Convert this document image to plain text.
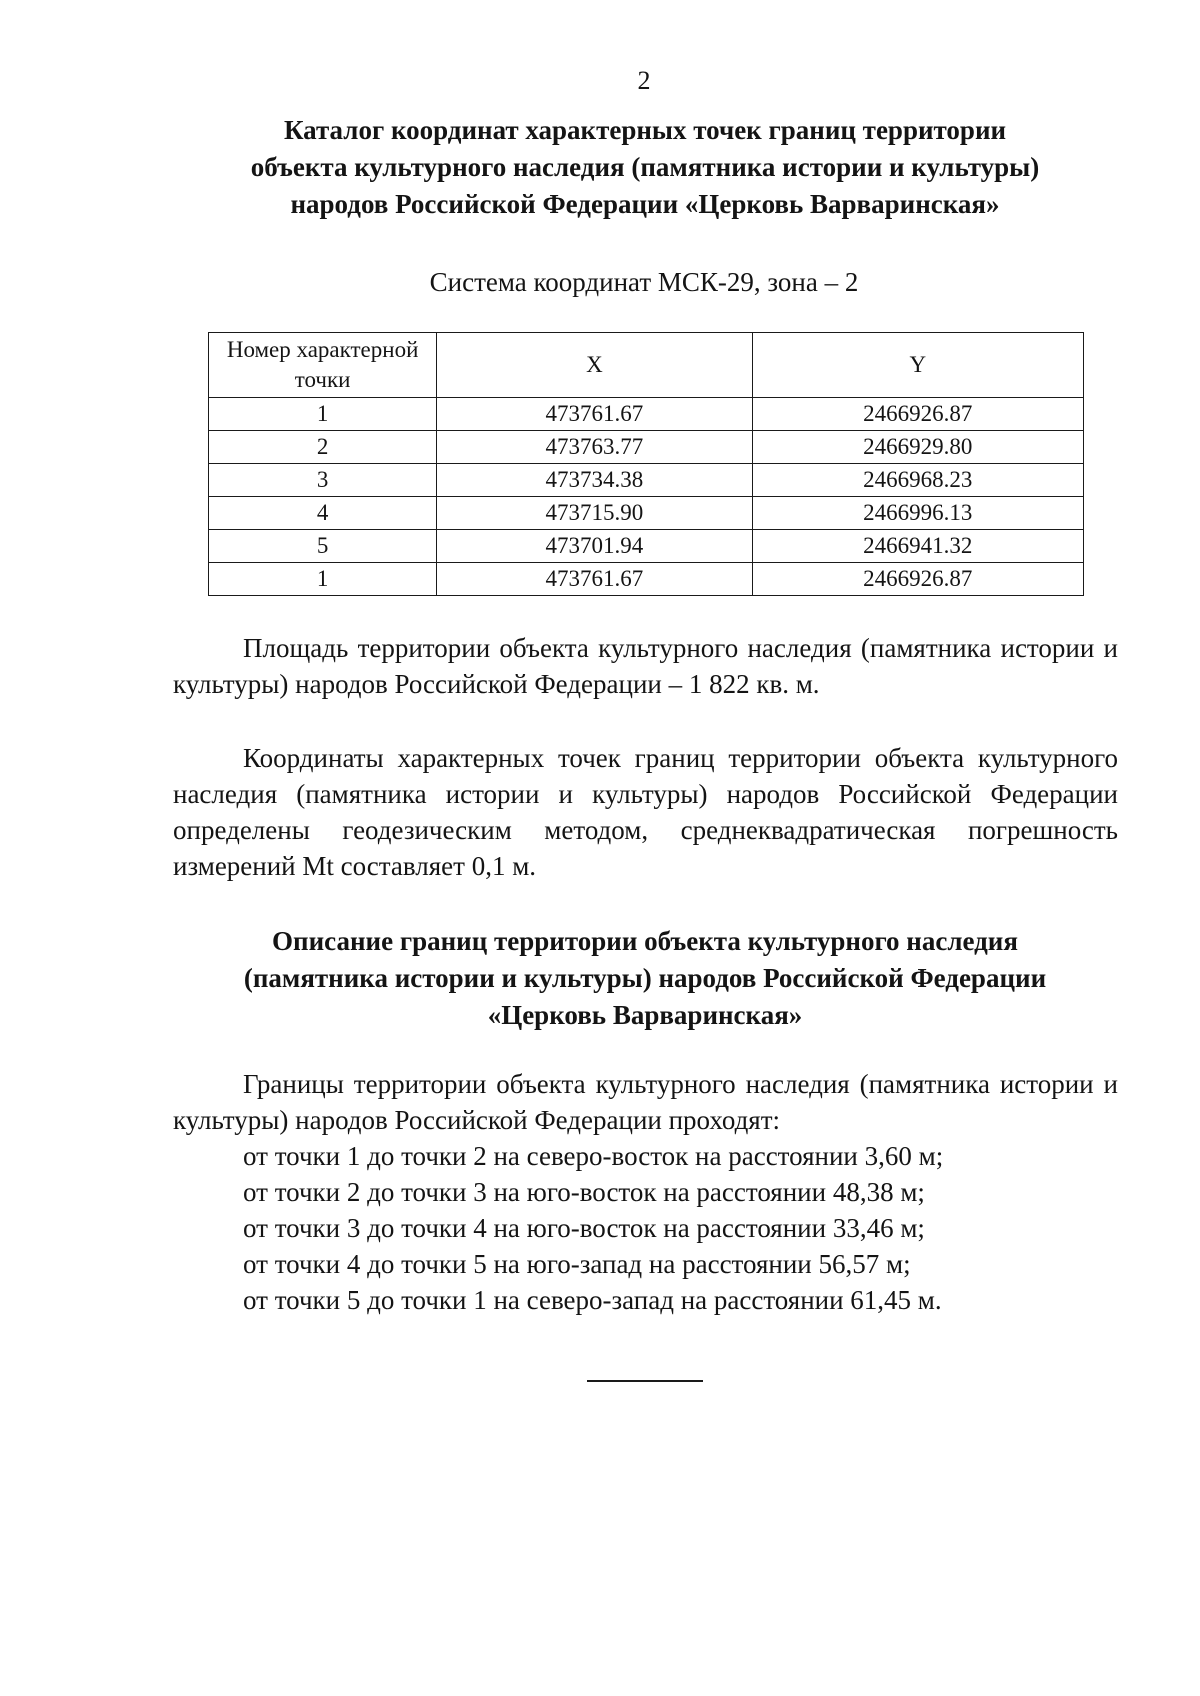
2
Каталог координат характерных точек границ территории
объекта культурного наследия (памятника истории и культуры)
народов Российской Федерации «Церковь Варваринская»
Система координат МСК-29, зона – 2
Номер характерной точки	X	Y
1	473761.67	2466926.87
2	473763.77	2466929.80
3	473734.38	2466968.23
4	473715.90	2466996.13
5	473701.94	2466941.32
1	473761.67	2466926.87

Площадь территории объекта культурного наследия (памятника истории и культуры) народов Российской Федерации – 1 822 кв. м.

Координаты характерных точек границ территории объекта культурного наследия (памятника истории и культуры) народов Российской Федерации определены геодезическим методом, среднеквадратическая погрешность измерений Mt составляет 0,1 м.

Описание границ территории объекта культурного наследия
(памятника истории и культуры) народов Российской Федерации
«Церковь Варваринская»

Границы территории объекта культурного наследия (памятника истории и культуры) народов Российской Федерации проходят:

от точки 1 до точки 2 на северо-восток на расстоянии 3,60 м;
от точки 2 до точки 3 на юго-восток на расстоянии 48,38 м;
от точки 3 до точки 4 на юго-восток на расстоянии 33,46 м;
от точки 4 до точки 5 на юго-запад на расстоянии 56,57 м;
от точки 5 до точки 1 на северо-запад на расстоянии 61,45 м.
